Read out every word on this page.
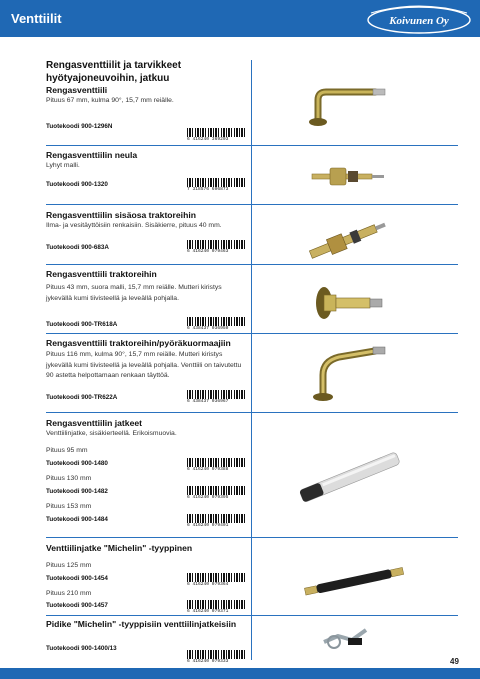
Venttiilit	Koivunen Oy
Rengasventtiilit ja tarvikkeet
hyötyajoneuvoihin, jatkuu
Rengasventtiili
Pituus 67 mm, kulma 90°, 15,7 mm reiälle.
Tuotekoodi 900-1296N
6 416240 369203
Rengasventtiilin neula
Lyhyt malli.
Tuotekoodi 900-1320
7 318576 606873
Rengasventtiilin sisäosa traktoreihin
Ilma- ja vesitäyttöisiin renkaisiin. Sisäkierre, pituus 40 mm.
Tuotekoodi 900-683A
6 416240 079463
Rengasventtiili traktoreihin
Pituus 43 mm, suora malli, 15,7 mm reiälle. Mutteri kiristys jykevällä kumi tiivisteellä ja leveällä pohjalla.
Tuotekoodi 900-TR618A
6 438437 036950
Rengasventtiili traktoreihin/pyöräkuormaajiin
Pituus 116 mm, kulma 90°, 15,7 mm reiälle. Mutteri kiristys jykevällä kumi tiivisteellä ja leveällä pohjalla. Venttiili on taivutettu 90 astetta helpottamaan renkaan täyttöä.
Tuotekoodi 900-TR622A
6 438437 036967
Rengasventtiilin jatkeet
Venttiilinjatke, sisäkierteellä. Erikoismuovia.
Pituus 95 mm
Tuotekoodi 900-1480
6 416240 079388
Pituus 130 mm
Tuotekoodi 900-1482
6 416240 079395
Pituus 153 mm
Tuotekoodi 900-1484
6 416240 079401
Venttiilinjatke "Michelin" -tyyppinen
Pituus 125 mm
Tuotekoodi 900-1454
6 416240 079364
Pituus 210 mm
Tuotekoodi 900-1457
6 416240 079371
Pidike "Michelin" -tyyppisiin venttiilinjatkeisiin
Tuotekoodi 900-1400/13
6 416240 079333	49
